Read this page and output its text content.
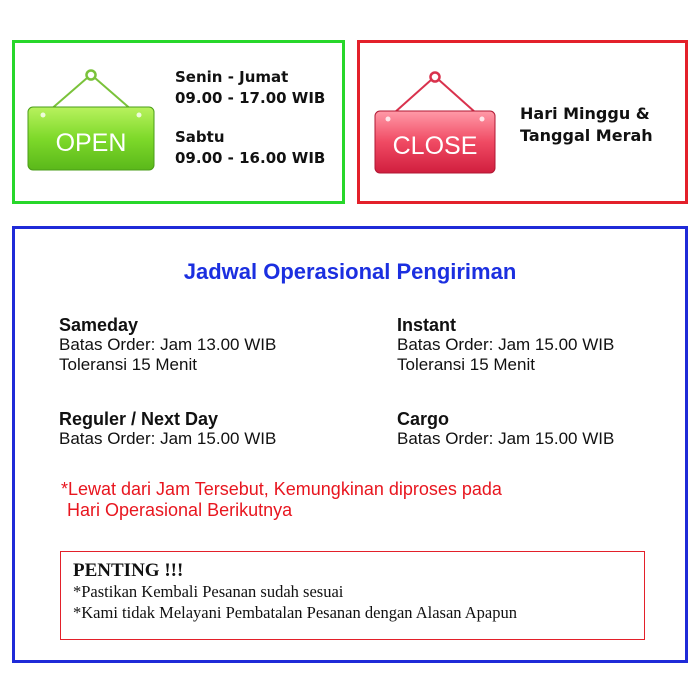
OPEN
Senin - Jumat
09.00 - 17.00 WIB
Sabtu
09.00 - 16.00 WIB	CLOSE
Hari Minggu &
Tanggal Merah
Jadwal Operasional Pengiriman
Sameday
Batas Order: Jam 13.00 WIB
Toleransi 15 Menit
Instant
Batas Order: Jam 15.00 WIB
Toleransi 15 Menit
Reguler / Next Day
Batas Order: Jam 15.00 WIB
Cargo
Batas Order: Jam 15.00 WIB
*Lewat dari Jam Tersebut, Kemungkinan diproses pada
Hari Operasional Berikutnya
PENTING !!!
*Pastikan Kembali Pesanan sudah sesuai
*Kami tidak Melayani Pembatalan Pesanan dengan Alasan Apapun
